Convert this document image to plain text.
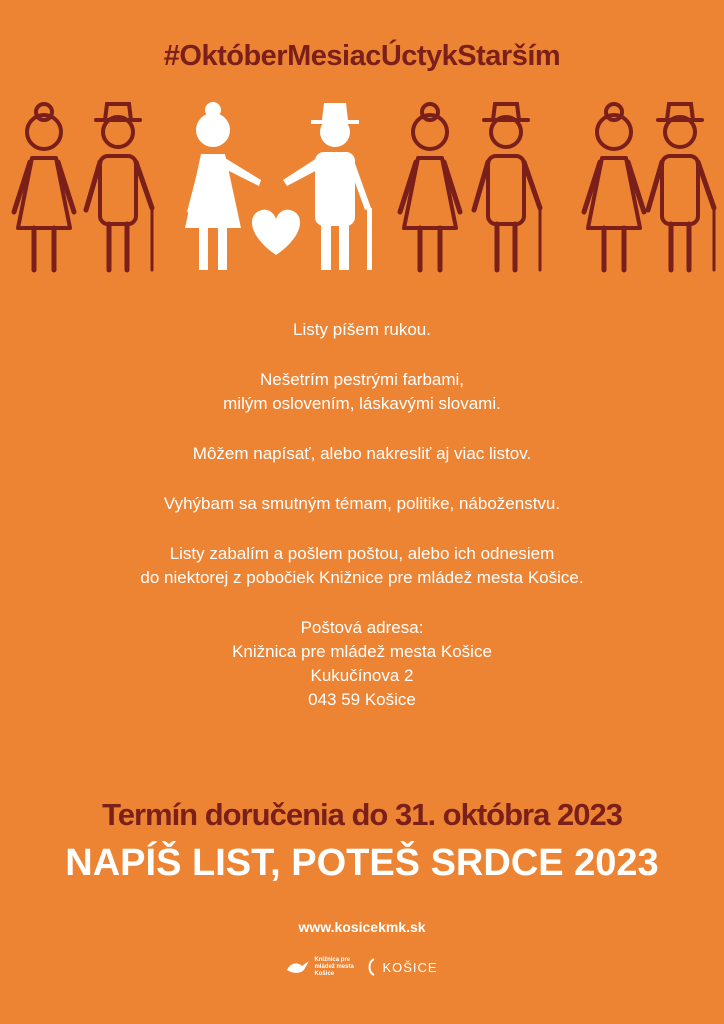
#OktóberMesiacÚctykStarším

Listy píšem rukou.

Nešetrím pestrými farbami,
milým oslovením, láskavými slovami.

Môžem napísať, alebo nakresliť aj viac listov.

Vyhýbam sa smutným témam, politike, náboženstvu.

Listy zabalím a pošlem poštou, alebo ich odnesiem
do niektorej z pobočiek Knižnice pre mládež mesta Košice.

Poštová adresa:
Knižnica pre mládež mesta Košice
Kukučínova 2
043 59 Košice

Termín doručenia do 31. októbra 2023
NAPÍŠ LIST, POTEŠ SRDCE 2023
www.kosicekmk.sk
Knižnica pre mládež mesta Košice	KOŠICE
